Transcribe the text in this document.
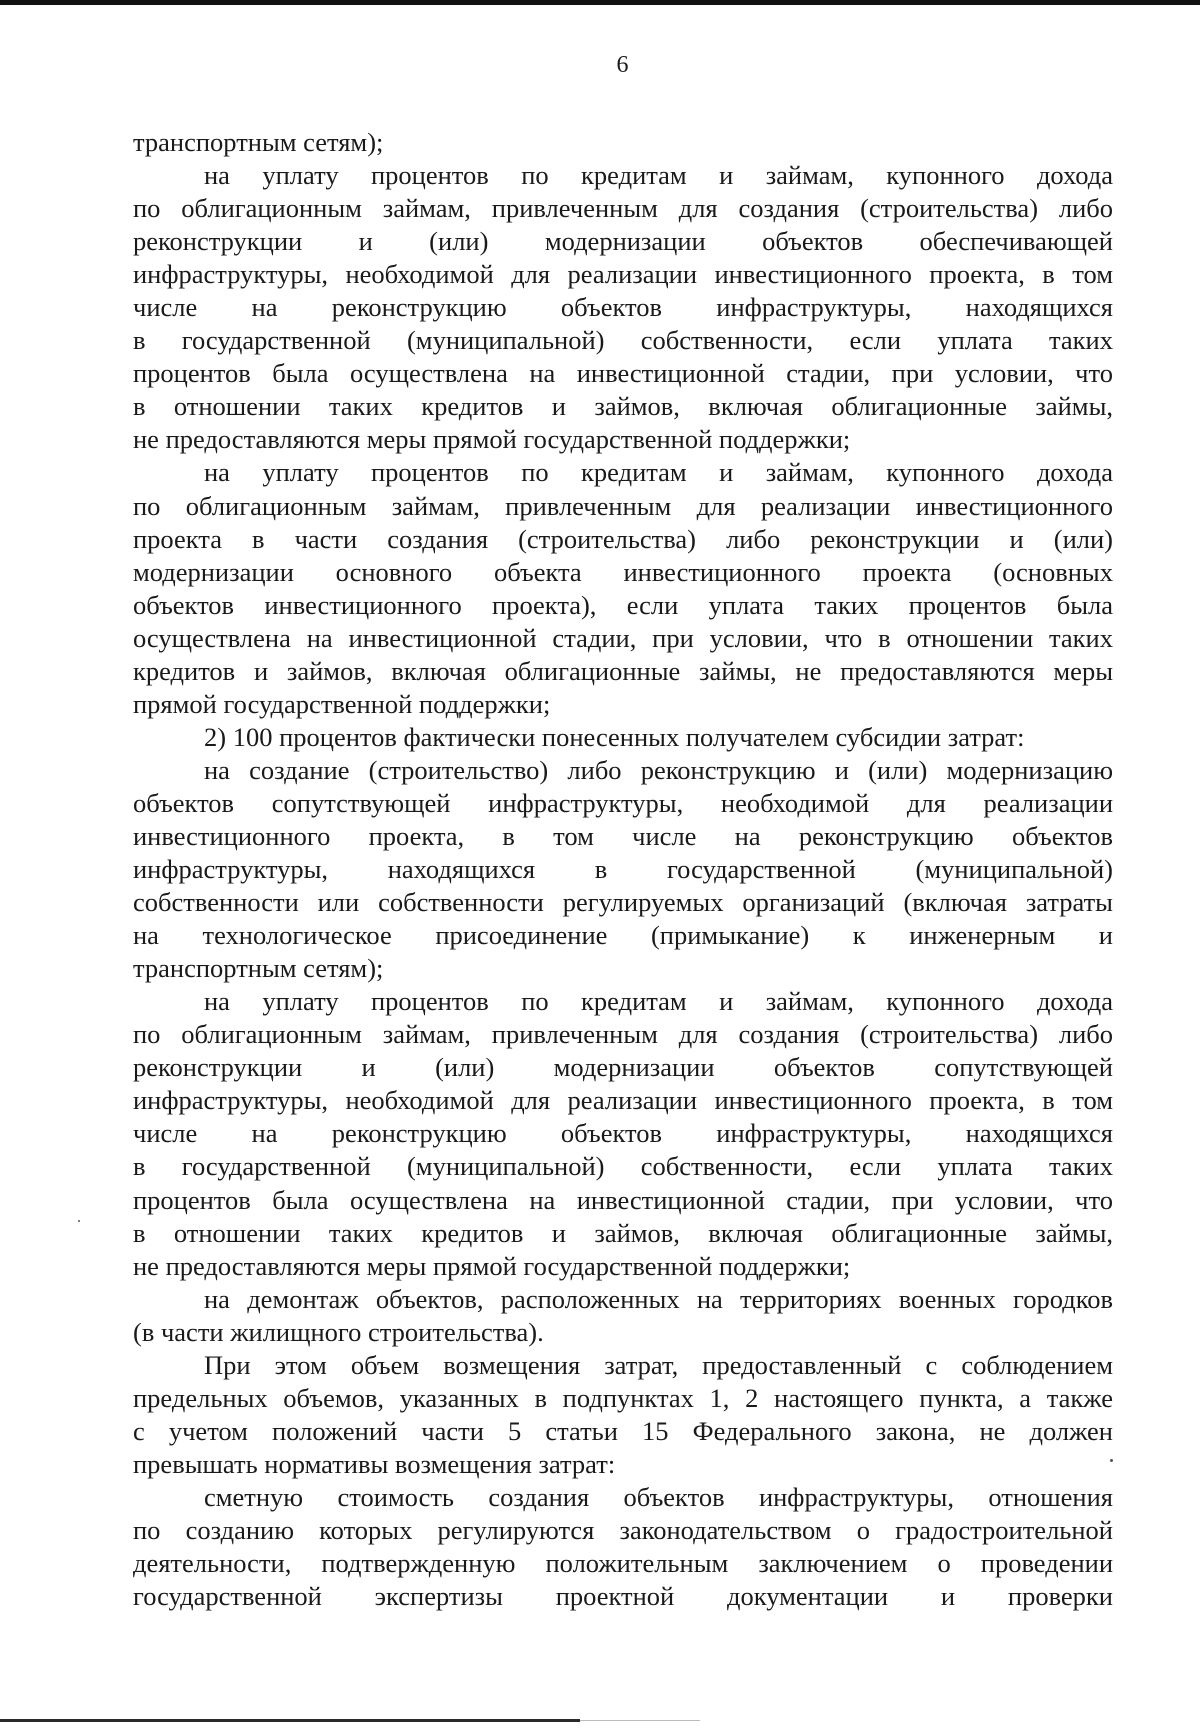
6
транспортным сетям);
на уплату процентов по кредитам и займам, купонного дохода
по облигационным займам, привлеченным для создания (строительства) либо
реконструкции и (или) модернизации объектов обеспечивающей
инфраструктуры, необходимой для реализации инвестиционного проекта, в том
числе на реконструкцию объектов инфраструктуры, находящихся
в государственной (муниципальной) собственности, если уплата таких
процентов была осуществлена на инвестиционной стадии, при условии, что
в отношении таких кредитов и займов, включая облигационные займы,
не предоставляются меры прямой государственной поддержки;
на уплату процентов по кредитам и займам, купонного дохода
по облигационным займам, привлеченным для реализации инвестиционного
проекта в части создания (строительства) либо реконструкции и (или)
модернизации основного объекта инвестиционного проекта (основных
объектов инвестиционного проекта), если уплата таких процентов была
осуществлена на инвестиционной стадии, при условии, что в отношении таких
кредитов и займов, включая облигационные займы, не предоставляются меры
прямой государственной поддержки;
2) 100 процентов фактически понесенных получателем субсидии затрат:
на создание (строительство) либо реконструкцию и (или) модернизацию
объектов сопутствующей инфраструктуры, необходимой для реализации
инвестиционного проекта, в том числе на реконструкцию объектов
инфраструктуры, находящихся в государственной (муниципальной)
собственности или собственности регулируемых организаций (включая затраты
на технологическое присоединение (примыкание) к инженерным и
транспортным сетям);
на уплату процентов по кредитам и займам, купонного дохода
по облигационным займам, привлеченным для создания (строительства) либо
реконструкции и (или) модернизации объектов сопутствующей
инфраструктуры, необходимой для реализации инвестиционного проекта, в том
числе на реконструкцию объектов инфраструктуры, находящихся
в государственной (муниципальной) собственности, если уплата таких
процентов была осуществлена на инвестиционной стадии, при условии, что
в отношении таких кредитов и займов, включая облигационные займы,
не предоставляются меры прямой государственной поддержки;
на демонтаж объектов, расположенных на территориях военных городков
(в части жилищного строительства).
При этом объем возмещения затрат, предоставленный с соблюдением
предельных объемов, указанных в подпунктах 1, 2 настоящего пункта, а также
с учетом положений части 5 статьи 15 Федерального закона, не должен
превышать нормативы возмещения затрат:
сметную стоимость создания объектов инфраструктуры, отношения
по созданию которых регулируются законодательством о градостроительной
деятельности, подтвержденную положительным заключением о проведении
государственной экспертизы проектной документации и проверки
